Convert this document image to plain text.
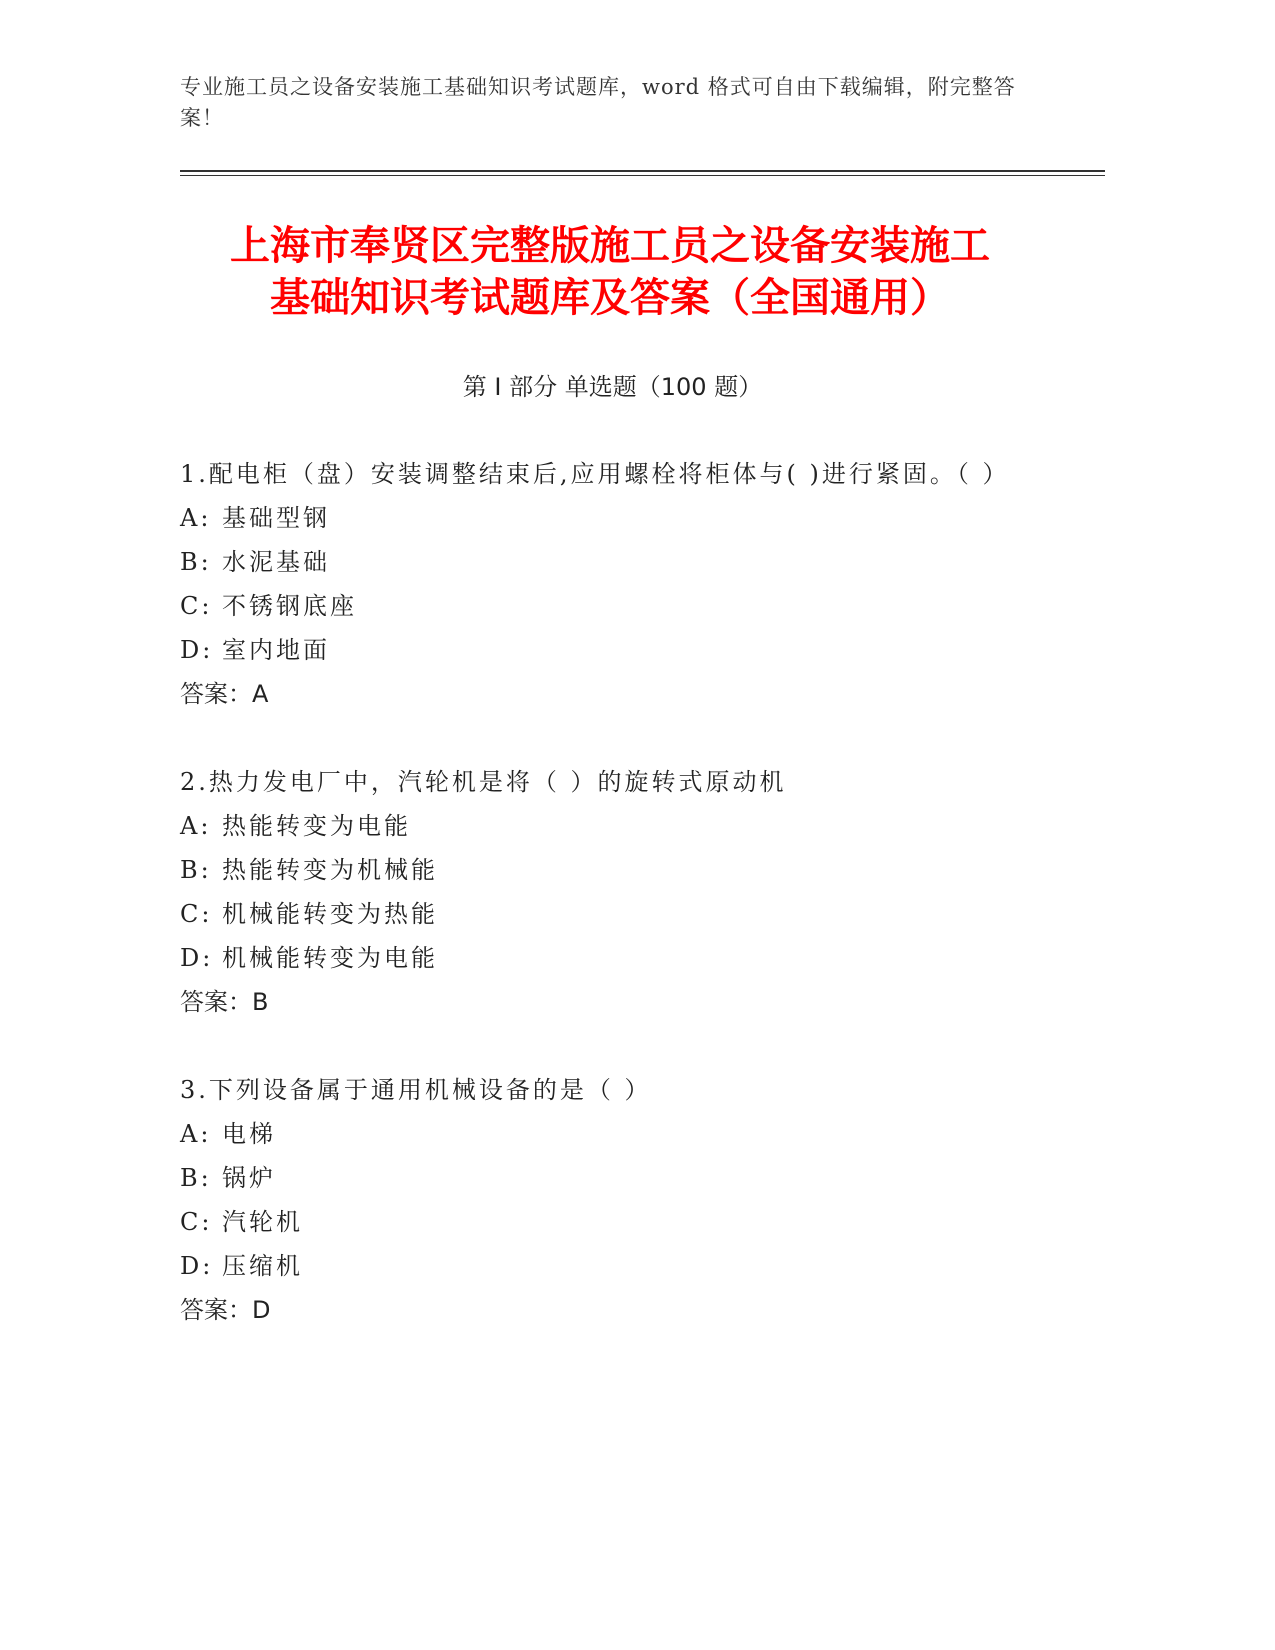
专业施工员之设备安装施工基础知识考试题库，word 格式可自由下载编辑，附完整答案！
上海市奉贤区完整版施工员之设备安装施工
基础知识考试题库及答案（全国通用）
第 I 部分 单选题（100 题）
1.配电柜（盘）安装调整结束后,应用螺栓将柜体与( )进行紧固。（ ）
A: 基础型钢
B: 水泥基础
C: 不锈钢底座
D: 室内地面
答案：A
2.热力发电厂中，汽轮机是将（ ）的旋转式原动机
A: 热能转变为电能
B: 热能转变为机械能
C: 机械能转变为热能
D: 机械能转变为电能
答案：B
3.下列设备属于通用机械设备的是（ ）
A: 电梯
B: 锅炉
C: 汽轮机
D: 压缩机
答案：D
